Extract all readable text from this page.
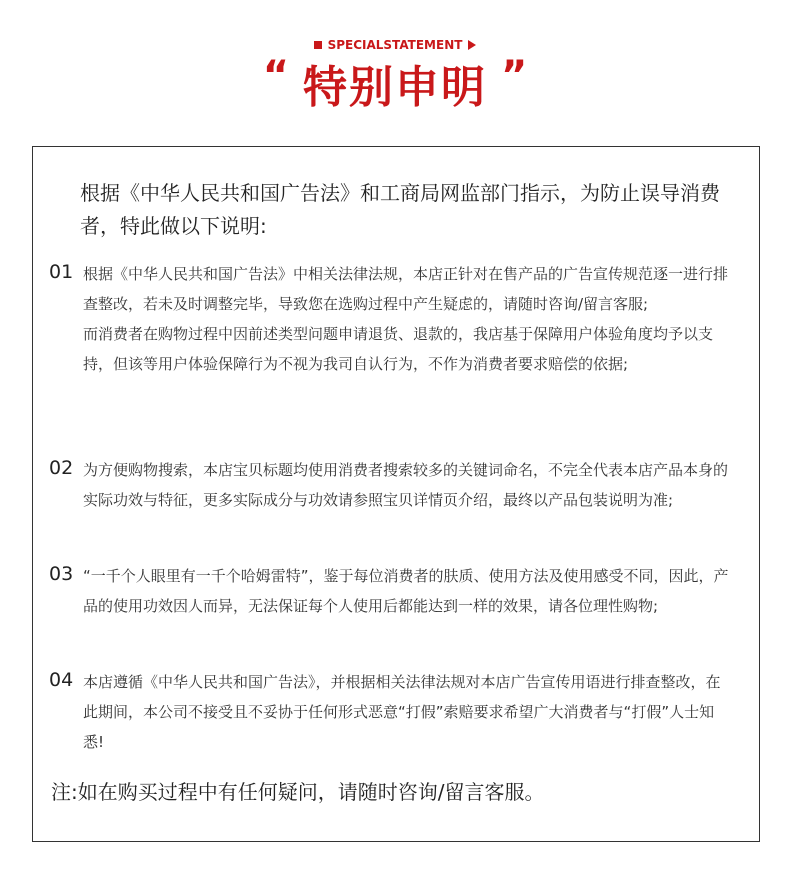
SPECIALSTATEMENT
“ 特别申明 ”
根据《中华人民共和国广告法》和工商局网监部门指示，为防止误导消费者，特此做以下说明:
01 根据《中华人民共和国广告法》中相关法律法规，本店正针对在售产品的广告宣传规范逐一进行排查整改，若未及时调整完毕，导致您在选购过程中产生疑虑的，请随时咨询/留言客服;

而消费者在购物过程中因前述类型问题申请退货、退款的，我店基于保障用户体验角度均予以支持，但该等用户体验保障行为不视为我司自认行为，不作为消费者要求赔偿的依据;

02 为方便购物搜索，本店宝贝标题均使用消费者搜索较多的关键词命名，不完全代表本店产品本身的实际功效与特征，更多实际成分与功效请参照宝贝详情页介绍，最终以产品包装说明为准;

03 “一千个人眼里有一千个哈姆雷特”，鉴于每位消费者的肤质、使用方法及使用感受不同，因此，产品的使用功效因人而异，无法保证每个人使用后都能达到一样的效果，请各位理性购物;

04 本店遵循《中华人民共和国广告法》，并根据相关法律法规对本店广告宣传用语进行排查整改，在此期间，本公司不接受且不妥协于任何形式恶意“打假”索赔要求希望广大消费者与“打假”人士知悉!

注:如在购买过程中有任何疑问，请随时咨询/留言客服。
